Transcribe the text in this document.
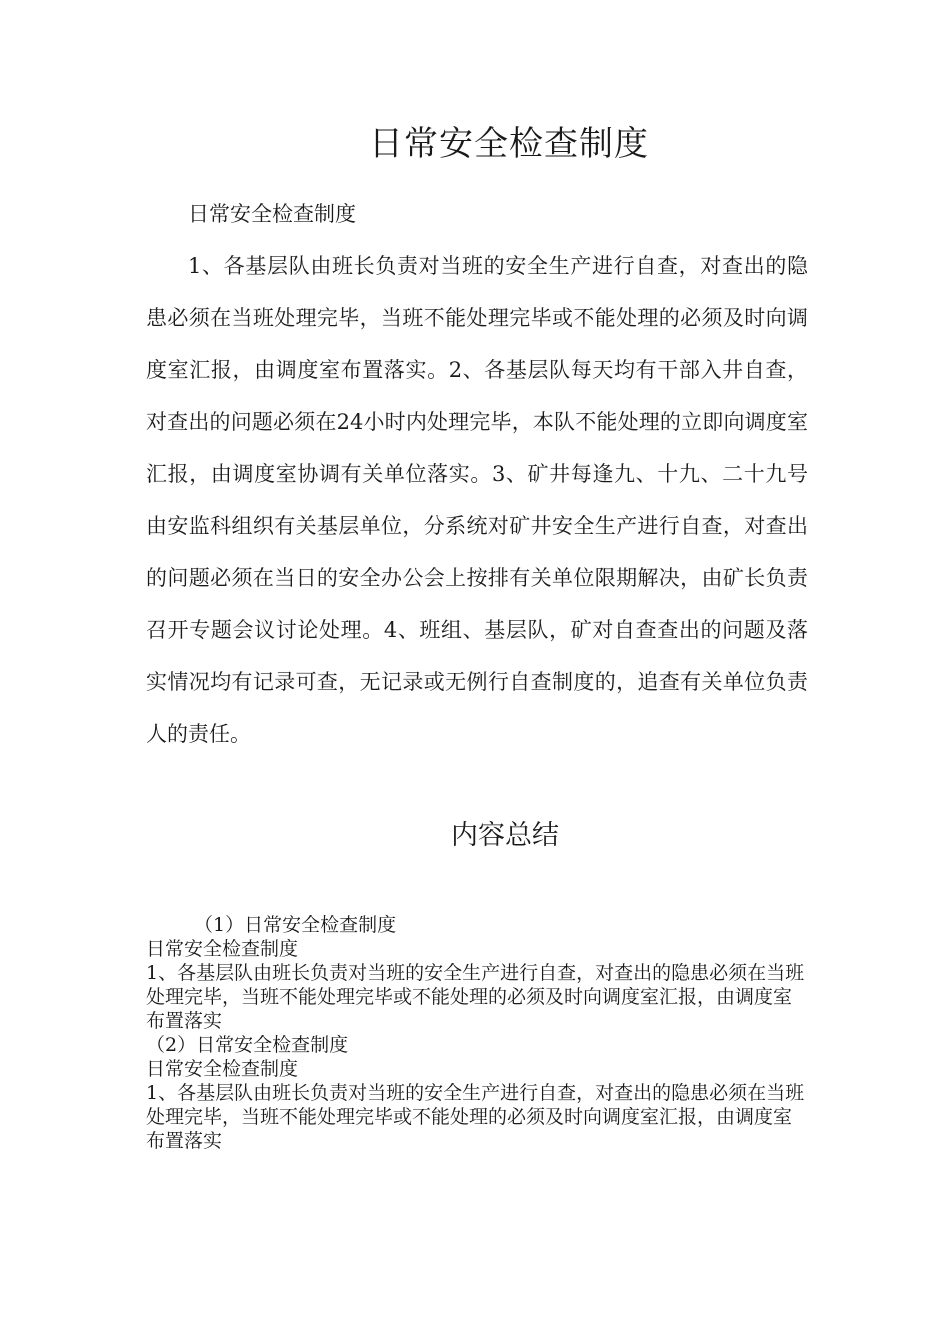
日常安全检查制度

日常安全检查制度

1、各基层队由班长负责对当班的安全生产进行自查，对查出的隐患必须在当班处理完毕，当班不能处理完毕或不能处理的必须及时向调度室汇报，由调度室布置落实。2、各基层队每天均有干部入井自查，对查出的问题必须在24小时内处理完毕，本队不能处理的立即向调度室汇报，由调度室协调有关单位落实。3、矿井每逢九、十九、二十九号由安监科组织有关基层单位，分系统对矿井安全生产进行自查，对查出的问题必须在当日的安全办公会上按排有关单位限期解决，由矿长负责召开专题会议讨论处理。4、班组、基层队，矿对自查查出的问题及落实情况均有记录可查，无记录或无例行自查制度的，追查有关单位负责人的责任。

内容总结
（1）日常安全检查制度
日常安全检查制度
1、各基层队由班长负责对当班的安全生产进行自查，对查出的隐患必须在当班处理完毕，当班不能处理完毕或不能处理的必须及时向调度室汇报，由调度室布置落实
（2）日常安全检查制度
日常安全检查制度
1、各基层队由班长负责对当班的安全生产进行自查，对查出的隐患必须在当班处理完毕，当班不能处理完毕或不能处理的必须及时向调度室汇报，由调度室布置落实
